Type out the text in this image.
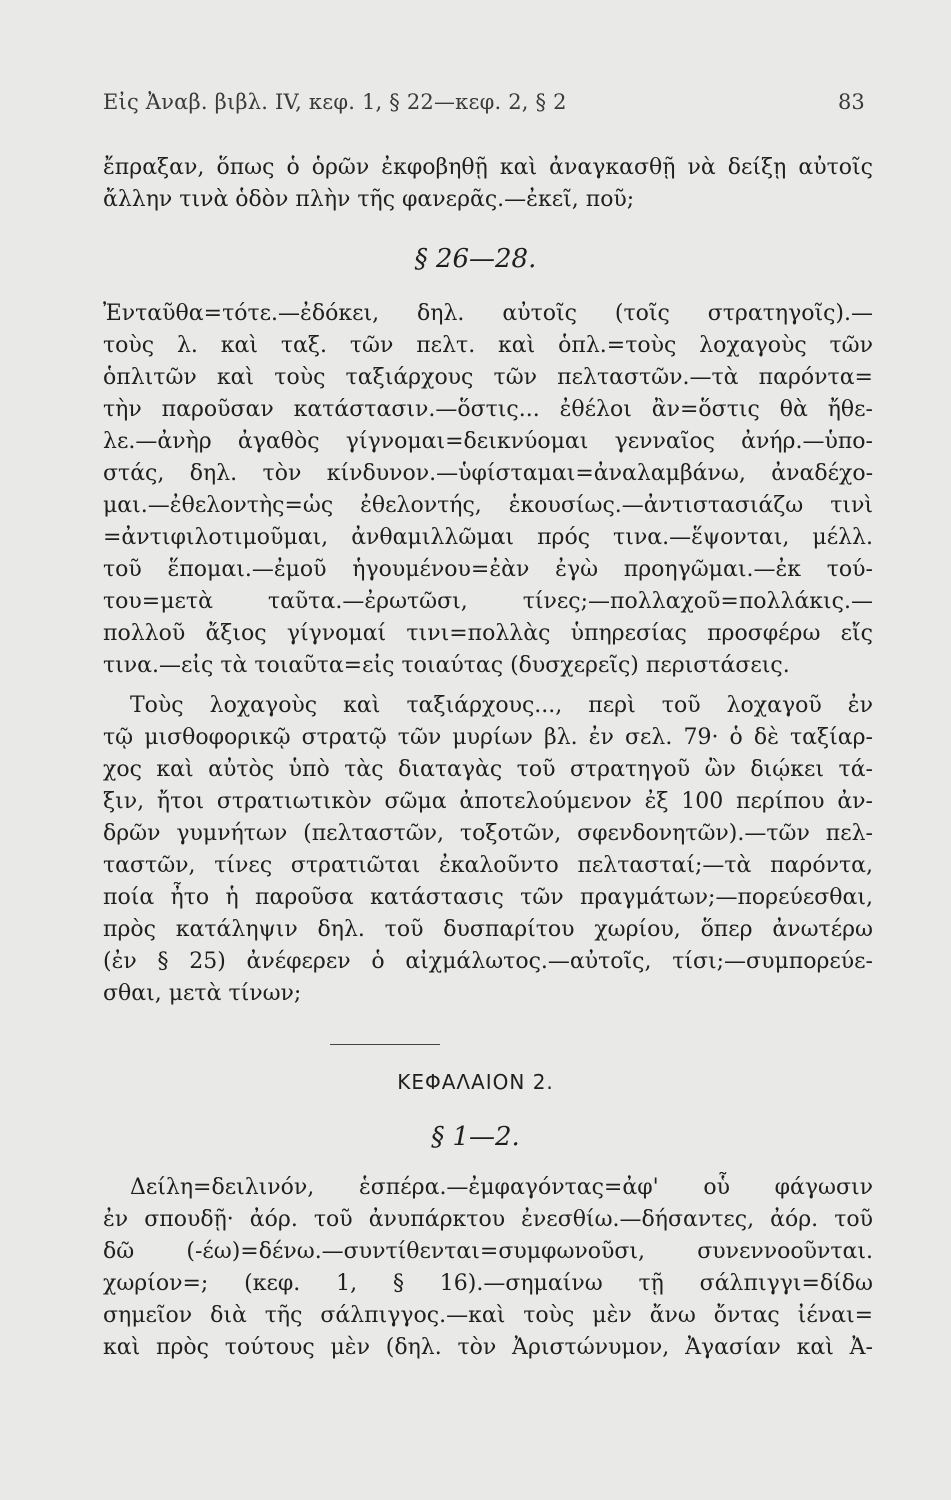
Εἰς Ἀναβ. βιβλ. IV, κεφ. 1, § 22—κεφ. 2, § 2	83
ἔπραξαν, ὅπως ὁ ὁρῶν ἐκφοβηθῇ καὶ ἀναγκασθῇ νὰ δείξῃ αὐτοῖς
ἄλλην τινὰ ὁδὸν πλὴν τῆς φανερᾶς.—ἐκεῖ, ποῦ;
§ 26—28.
Ἐνταῦθα=τότε.—ἐδόκει, δηλ. αὐτοῖς (τοῖς στρατηγοῖς).—
τοὺς λ. καὶ ταξ. τῶν πελτ. καὶ ὁπλ.=τοὺς λοχαγοὺς τῶν
ὁπλιτῶν καὶ τοὺς ταξιάρχους τῶν πελταστῶν.—τὰ παρόντα=
τὴν παροῦσαν κατάστασιν.—ὅστις... ἐθέλοι ἂν=ὅστις θὰ ἤθε-
λε.—ἀνὴρ ἀγαθὸς γίγνομαι=δεικνύομαι γενναῖος ἀνήρ.—ὑπο-
στάς, δηλ. τὸν κίνδυνον.—ὑφίσταμαι=ἀναλαμβάνω, ἀναδέχο-
μαι.—ἐθελοντὴς=ὡς ἐθελοντής, ἑκουσίως.—ἀντιστασιάζω τινὶ
=ἀντιφιλοτιμοῦμαι, ἀνθαμιλλῶμαι πρός τινα.—ἕψονται, μέλλ.
τοῦ ἕπομαι.—ἐμοῦ ἡγουμένου=ἐὰν ἐγὼ προηγῶμαι.—ἐκ τού-
του=μετὰ ταῦτα.—ἐρωτῶσι, τίνες;—πολλαχοῦ=πολλάκις.—
πολλοῦ ἄξιος γίγνομαί τινι=πολλὰς ὑπηρεσίας προσφέρω εἴς
τινα.—εἰς τὰ τοιαῦτα=εἰς τοιαύτας (δυσχερεῖς) περιστάσεις.
Τοὺς λοχαγοὺς καὶ ταξιάρχους..., περὶ τοῦ λοχαγοῦ ἐν
τῷ μισθοφορικῷ στρατῷ τῶν μυρίων βλ. ἐν σελ. 79· ὁ δὲ ταξίαρ-
χος καὶ αὐτὸς ὑπὸ τὰς διαταγὰς τοῦ στρατηγοῦ ὢν διῴκει τά-
ξιν, ἤτοι στρατιωτικὸν σῶμα ἀποτελούμενον ἐξ 100 περίπου ἀν-
δρῶν γυμνήτων (πελταστῶν, τοξοτῶν, σφενδονητῶν).—τῶν πελ-
ταστῶν, τίνες στρατιῶται ἐκαλοῦντο πελτασταί;—τὰ παρόντα,
ποία ἦτο ἡ παροῦσα κατάστασις τῶν πραγμάτων;—πορεύεσθαι,
πρὸς κατάληψιν δηλ. τοῦ δυσπαρίτου χωρίου, ὅπερ ἀνωτέρω
(ἐν § 25) ἀνέφερεν ὁ αἰχμάλωτος.—αὐτοῖς, τίσι;—συμπορεύε-
σθαι, μετὰ τίνων;
ΚΕΦΑΛΑΙΟΝ 2.
§ 1—2.
Δείλη=δειλινόν, ἑσπέρα.—ἐμφαγόντας=ἀφ' οὗ φάγωσιν
ἐν σπουδῇ· ἀόρ. τοῦ ἀνυπάρκτου ἐνεσθίω.—δήσαντες, ἀόρ. τοῦ
δῶ (-έω)=δένω.—συντίθενται=συμφωνοῦσι, συνεννοοῦνται.
χωρίον=; (κεφ. 1, § 16).—σημαίνω τῇ σάλπιγγι=δίδω
σημεῖον διὰ τῆς σάλπιγγος.—καὶ τοὺς μὲν ἄνω ὄντας ἰέναι=
καὶ πρὸς τούτους μὲν (δηλ. τὸν Ἀριστώνυμον, Ἀγασίαν καὶ Ἀ-
